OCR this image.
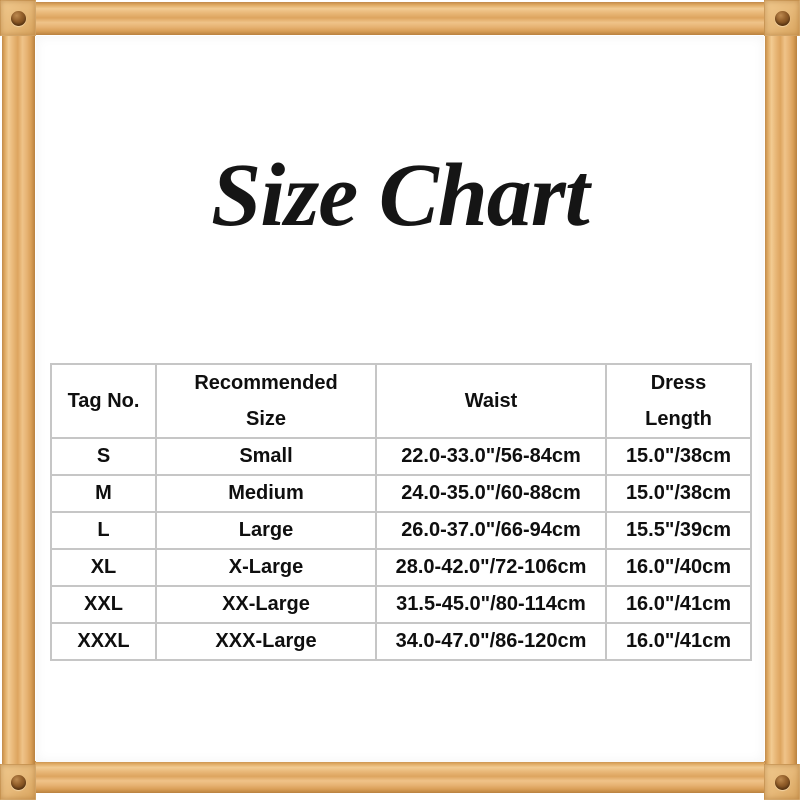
Size Chart
Tag No.

Recommended
Size

Waist

Dress
Length

S	Small	22.0-33.0"/56-84cm	15.0"/38cm
M	Medium	24.0-35.0"/60-88cm	15.0"/38cm
L	Large	26.0-37.0"/66-94cm	15.5"/39cm
XL	X-Large	28.0-42.0"/72-106cm	16.0"/40cm
XXL	XX-Large	31.5-45.0"/80-114cm	16.0"/41cm
XXXL	XXX-Large	34.0-47.0"/86-120cm	16.0"/41cm
